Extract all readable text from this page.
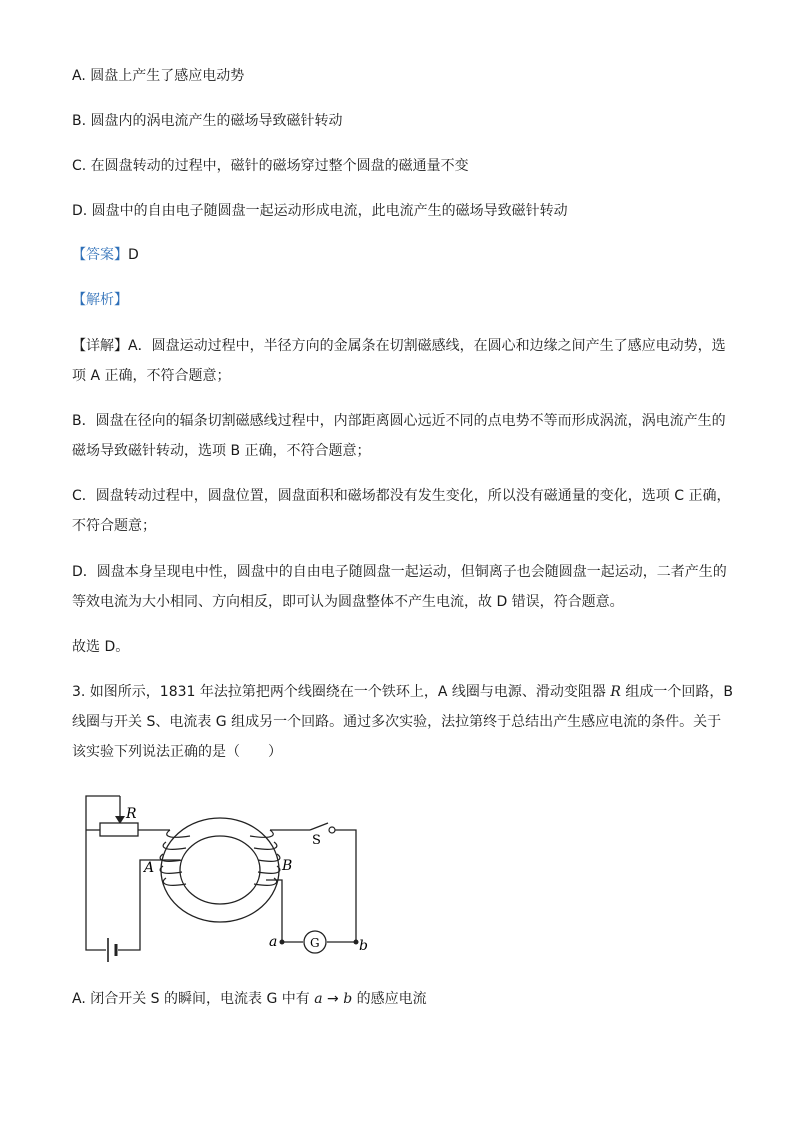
A. 圆盘上产生了感应电动势
B. 圆盘内的涡电流产生的磁场导致磁针转动
C. 在圆盘转动的过程中，磁针的磁场穿过整个圆盘的磁通量不变
D. 圆盘中的自由电子随圆盘一起运动形成电流，此电流产生的磁场导致磁针转动
【答案】D
【解析】
【详解】A．圆盘运动过程中，半径方向的金属条在切割磁感线，在圆心和边缘之间产生了感应电动势，选
项 A 正确，不符合题意；
B．圆盘在径向的辐条切割磁感线过程中，内部距离圆心远近不同的点电势不等而形成涡流，涡电流产生的
磁场导致磁针转动，选项 B 正确，不符合题意；
C．圆盘转动过程中，圆盘位置，圆盘面积和磁场都没有发生变化，所以没有磁通量的变化，选项 C 正确，
不符合题意；
D．圆盘本身呈现电中性，圆盘中的自由电子随圆盘一起运动，但铜离子也会随圆盘一起运动，二者产生的
等效电流为大小相同、方向相反，即可认为圆盘整体不产生电流，故 D 错误，符合题意。
故选 D。
3. 如图所示，1831 年法拉第把两个线圈绕在一个铁环上，A 线圈与电源、滑动变阻器 R 组成一个回路，B
线圈与开关 S、电流表 G 组成另一个回路。通过多次实验，法拉第终于总结出产生感应电流的条件。关于
该实验下列说法正确的是（　　）
R
A	B
S
G
a	b
A. 闭合开关 S 的瞬间，电流表 G 中有 a → b 的感应电流
